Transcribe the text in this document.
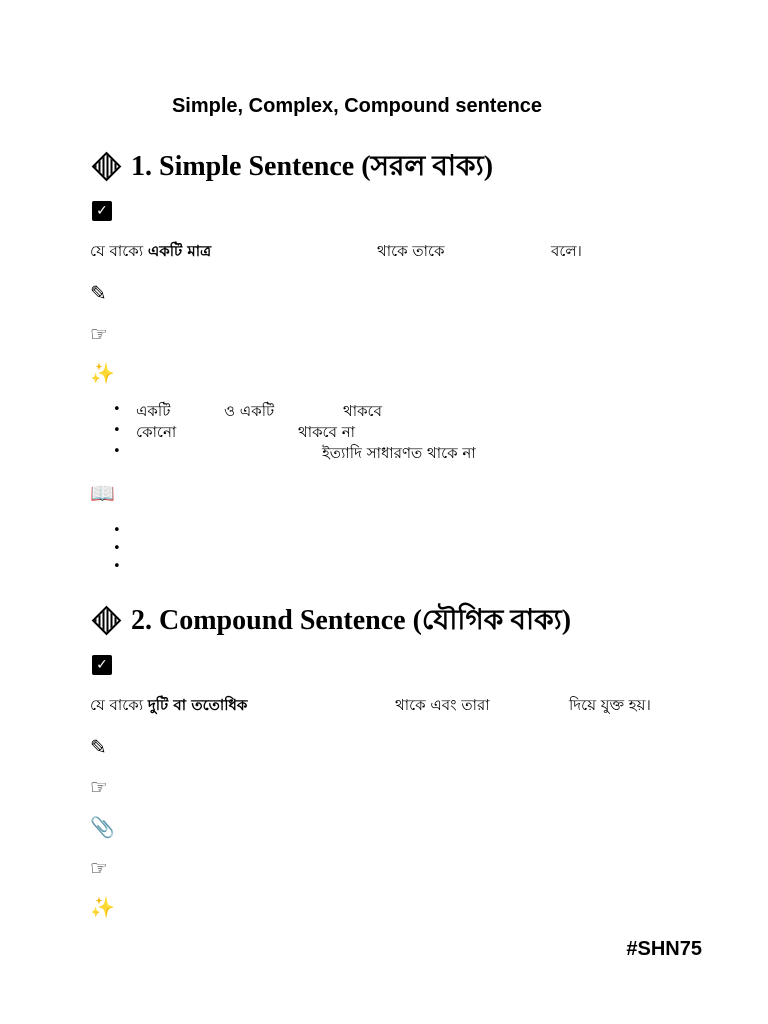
Simple, Complex, Compound sentence
1. Simple Sentence (সরল বাক্য)
✓
যে বাক্যে একটি মাত্র	থাকে তাকে	বলে।
✎
☞
✨
• একটি	ও একটি	থাকবে
• কোনো	থাকবে না
•	ইত্যাদি সাধারণত থাকে না
📖
•
•
•
2. Compound Sentence (যৌগিক বাক্য)
✓
যে বাক্যে দুটি বা ততোধিক	থাকে এবং তারা	দিয়ে যুক্ত হয়।
✎
☞
📎
☞
✨
#SHN75
